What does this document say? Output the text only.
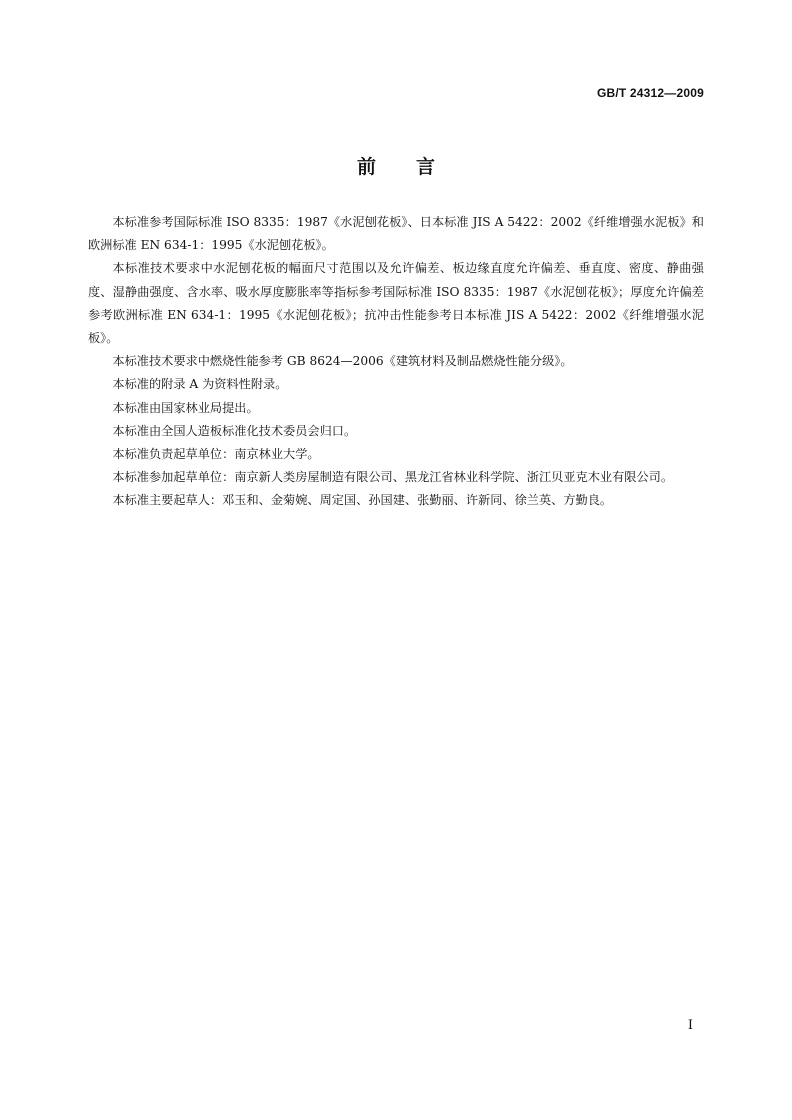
GB/T 24312—2009
前言

本标准参考国际标准 ISO 8335：1987《水泥刨花板》、日本标准 JIS A 5422：2002《纤维增强水泥板》和欧洲标准 EN 634-1：1995《水泥刨花板》。

本标准技术要求中水泥刨花板的幅面尺寸范围以及允许偏差、板边缘直度允许偏差、垂直度、密度、静曲强度、湿静曲强度、含水率、吸水厚度膨胀率等指标参考国际标准 ISO 8335：1987《水泥刨花板》；厚度允许偏差参考欧洲标准 EN 634-1：1995《水泥刨花板》；抗冲击性能参考日本标准 JIS A 5422：2002《纤维增强水泥板》。

本标准技术要求中燃烧性能参考 GB 8624—2006《建筑材料及制品燃烧性能分级》。

本标准的附录 A 为资料性附录。

本标准由国家林业局提出。

本标准由全国人造板标准化技术委员会归口。

本标准负责起草单位：南京林业大学。

本标准参加起草单位：南京新人类房屋制造有限公司、黑龙江省林业科学院、浙江贝亚克木业有限公司。

本标准主要起草人：邓玉和、金菊婉、周定国、孙国建、张勤丽、许新同、徐兰英、方勤良。

I
